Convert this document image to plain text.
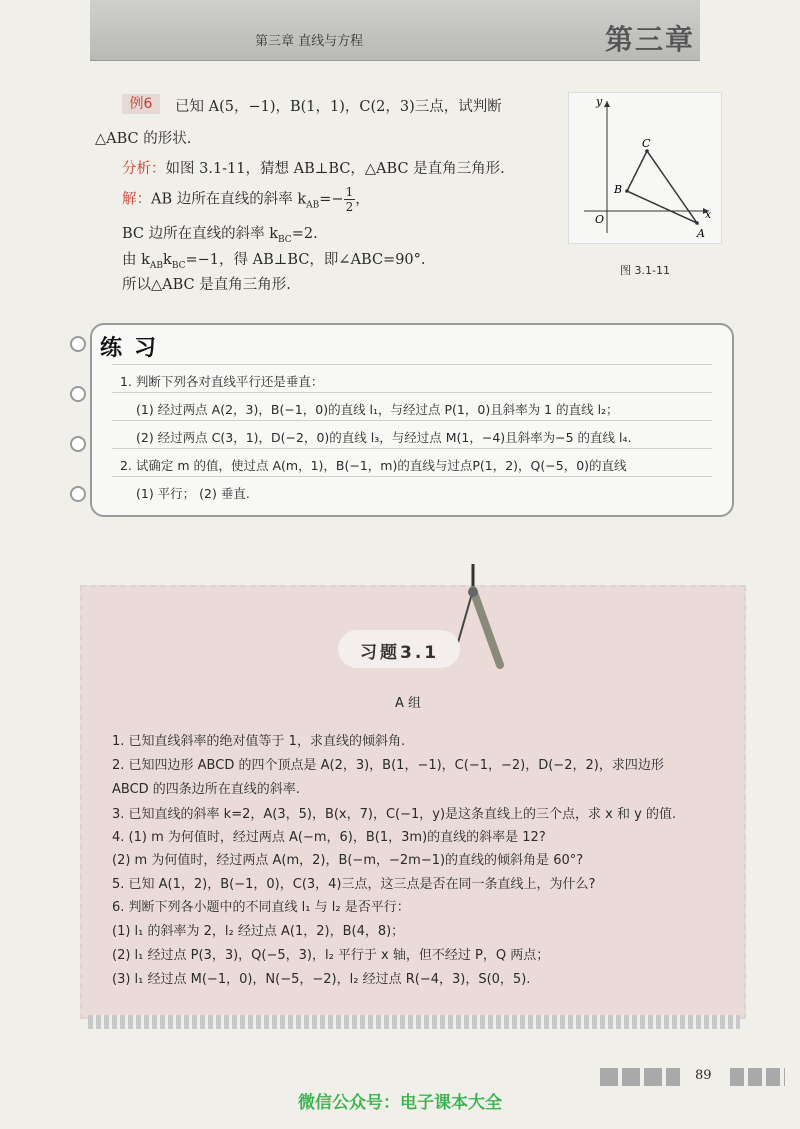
第三章 直线与方程	第三章
例6	已知 A(5，−1)，B(1，1)，C(2，3)三点，试判断
△ABC 的形状.
分析：如图 3.1-11，猜想 AB⊥BC，△ABC 是直角三角形.
解：AB 边所在直线的斜率 $k_{AB}=- \frac{1}{2}$ ，
BC 边所在直线的斜率 $k_{BC}=2$.
由 $k_{AB}k_{BC}=-1$，得 AB⊥BC，即∠ABC=90°.
所以△ABC 是直角三角形.
y
x
O
C
B
A
图 3.1-11
练习
1. 判断下列各对直线平行还是垂直：
(1) 经过两点 A(2，3)，B(−1，0)的直线 l₁，与经过点 P(1，0)且斜率为 1 的直线 l₂；
(2) 经过两点 C(3，1)，D(−2，0)的直线 l₃，与经过点 M(1，−4)且斜率为−5 的直线 l₄.
2. 试确定 m 的值，使过点 A(m，1)，B(−1，m)的直线与过点P(1，2)，Q(−5，0)的直线
(1) 平行； (2) 垂直.
习题3.1
A 组
1. 已知直线斜率的绝对值等于 1，求直线的倾斜角.
2. 已知四边形 ABCD 的四个顶点是 A(2，3)，B(1，−1)，C(−1，−2)，D(−2，2)，求四边形
ABCD 的四条边所在直线的斜率.
3. 已知直线的斜率 k=2，A(3，5)，B(x，7)，C(−1，y)是这条直线上的三个点，求 x 和 y 的值.
4. (1) m 为何值时，经过两点 A(−m，6)，B(1，3m)的直线的斜率是 12?
(2) m 为何值时，经过两点 A(m，2)，B(−m，−2m−1)的直线的倾斜角是 60°?
5. 已知 A(1，2)，B(−1，0)，C(3，4)三点，这三点是否在同一条直线上，为什么?
6. 判断下列各小题中的不同直线 l₁ 与 l₂ 是否平行：
(1) l₁ 的斜率为 2，l₂ 经过点 A(1，2)，B(4，8)；
(2) l₁ 经过点 P(3，3)，Q(−5，3)，l₂ 平行于 x 轴，但不经过 P，Q 两点；
(3) l₁ 经过点 M(−1，0)，N(−5，−2)，l₂ 经过点 R(−4，3)，S(0，5).
89
微信公众号：电子课本大全
